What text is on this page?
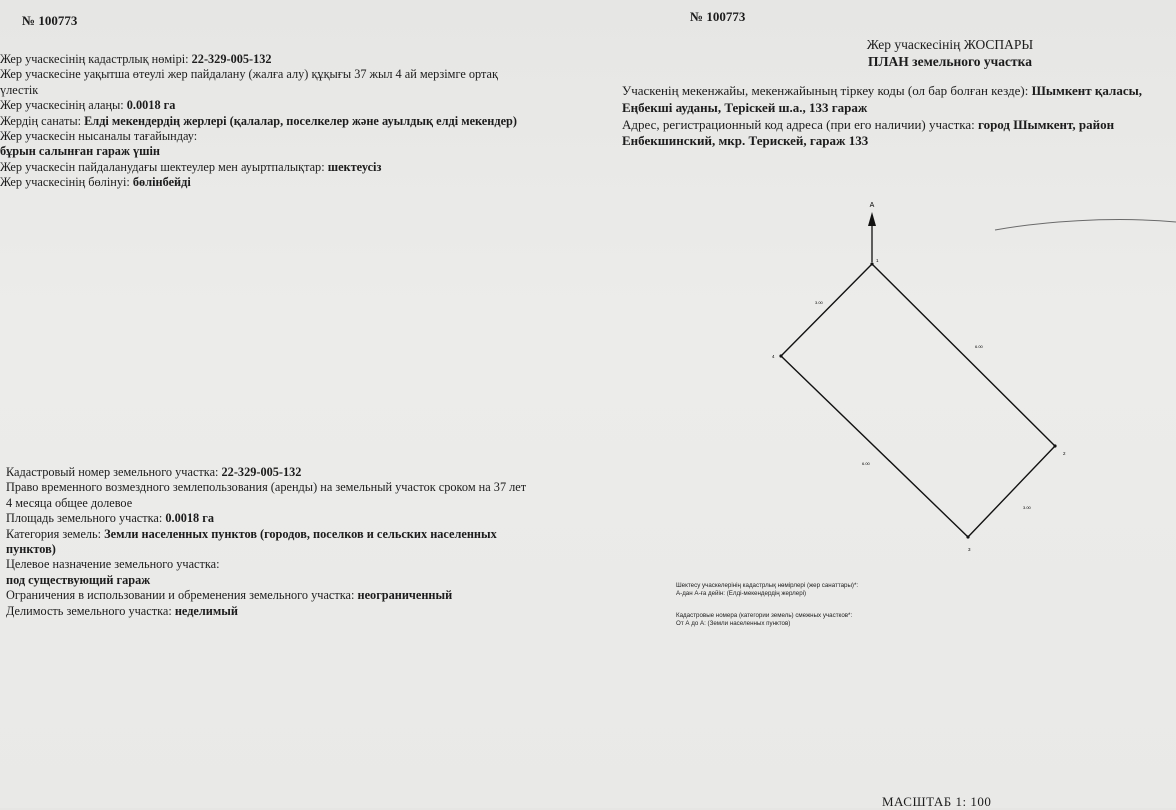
№ 100773
Жер учаскесінің кадастрлық нөмірі: 22-329-005-132
Жер учаскесіне уақытша өтеулі жер пайдалану (жалға алу) құқығы 37 жыл 4 ай мерзімге ортақ
үлестік
Жер учаскесінің алаңы: 0.0018 га
Жердің санаты: Елді мекендердің жерлері (қалалар, поселкелер және ауылдық елді мекендер)
Жер учаскесін нысаналы тағайындау:
бұрын салынған гараж үшін
Жер учаскесін пайдаланудағы шектеулер мен ауыртпалықтар: шектеусіз
Жер учаскесінің бөлінуі: бөлінбейді
Кадастровый номер земельного участка: 22-329-005-132
Право временного возмездного землепользования (аренды) на земельный участок сроком на 37 лет
4 месяца общее долевое
Площадь земельного участка: 0.0018 га
Категория земель: Земли населенных пунктов (городов, поселков и сельских населенных
пунктов)
Целевое назначение земельного участка:
под существующий гараж
Ограничения в использовании и обременения земельного участка: неограниченный
Делимость земельного участка: неделимый
№ 100773
Жер учаскесінің ЖОСПАРЫ
ПЛАН земельного участка
Учаскенің мекенжайы, мекенжайының тіркеу коды (ол бар болған кезде): Шымкент қаласы,
Еңбекші ауданы, Теріскей ш.а., 133 гараж
Адрес, регистрационный код адреса (при его наличии) участка: город Шымкент, район
Енбекшинский, мкр. Терискей, гараж 133
А
1
2
3
4
3.00
6.00
3.00
6.00
Шектесу учаскелерінің кадастрлық нөмірлері (жер санаттары)*:
А-дан А-ға дейін: (Елді-мекендердің жерлері)
Кадастровые номера (категории земель) смежных участков*:
От А до А: (Земли населенных пунктов)
МАСШТАБ 1: 100
